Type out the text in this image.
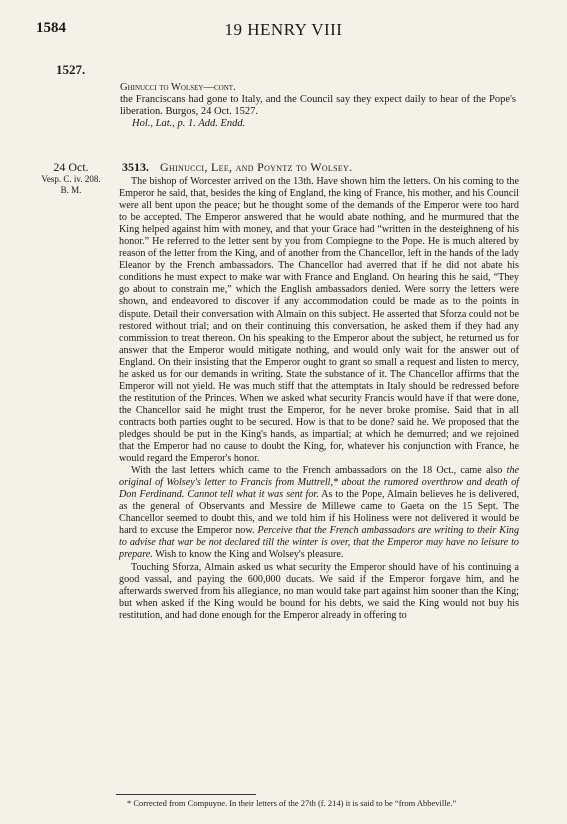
1584	19 HENRY VIII
1527.

Ghinucci to Wolsey—cont.

the Franciscans had gone to Italy, and the Council say they expect daily to hear of the Pope's liberation. Burgos, 24 Oct. 1527.

Hol., Lat., p. 1. Add. Endd.

24 Oct.
Vesp. C. iv. 208. B. M.
3513. Ghinucci, Lee, and Poyntz to Wolsey.

The bishop of Worcester arrived on the 13th. Have shown him the letters. On his coming to the Emperor he said, that, besides the king of England, the king of France, his mother, and his Council were all bent upon the peace; but he thought some of the demands of the Emperor were too hard to be accepted. The Emperor answered that he would abate nothing, and he murmured that the King helped against him with money, and that your Grace had “written in the desteighneng of his honor.” He referred to the letter sent by you from Compiegne to the Pope. He is much altered by reason of the letter from the King, and of another from the Chancellor, left in the hands of the lady Eleanor by the French ambassadors. The Chancellor had averred that if he did not abate his conditions he must expect to make war with France and England. On hearing this he said, “They go about to constrain me,” which the English ambassadors denied. Were sorry the letters were shown, and endeavored to discover if any accommodation could be made as to the points in dispute. Detail their conversation with Almain on this subject. He asserted that Sforza could not be restored without trial; and on their continuing this conversation, he asked them if they had any commission to treat thereon. On his speaking to the Emperor about the subject, he returned us for answer that the Emperor would mitigate nothing, and would only wait for the answer out of England. On their insisting that the Emperor ought to grant so small a request and listen to mercy, he asked us for our demands in writing. State the substance of it. The Chancellor affirms that the Emperor will not yield. He was much stiff that the attemptats in Italy should be redressed before the restitution of the Princes. When we asked what security Francis would have if that were done, the Chancellor said he might trust the Emperor, for he never broke promise. Said that in all contracts both parties ought to be secured. How is that to be done? said he. We proposed that the pledges should be put in the King's hands, as impartial; at which he demurred; and we rejoined that the Emperor had no cause to doubt the King, for, whatever his conjunction with France, he would regard the Emperor's honor.

With the last letters which came to the French ambassadors on the 18 Oct., came also the original of Wolsey's letter to Francis from Muttrell,* about the rumored overthrow and death of Don Ferdinand. Cannot tell what it was sent for. As to the Pope, Almain believes he is delivered, as the general of Observants and Messire de Millewe came to Gaeta on the 15 Sept. The Chancellor seemed to doubt this, and we told him if his Holiness were not delivered it would be hard to excuse the Emperor now. Perceive that the French ambassadors are writing to their King to advise that war be not declared till the winter is over, that the Emperor may have no leisure to prepare. Wish to know the King and Wolsey's pleasure.

Touching Sforza, Almain asked us what security the Emperor should have of his continuing a good vassal, and paying the 600,000 ducats. We said if the Emperor forgave him, and he afterwards swerved from his allegiance, no man would take part against him sooner than the King; but when asked if the King would be bound for his debts, we said the King would not buy his restitution, and had done enough for the Emperor already in offering to

* Corrected from Compuyne. In their letters of the 27th (f. 214) it is said to be “from Abbeville.”
